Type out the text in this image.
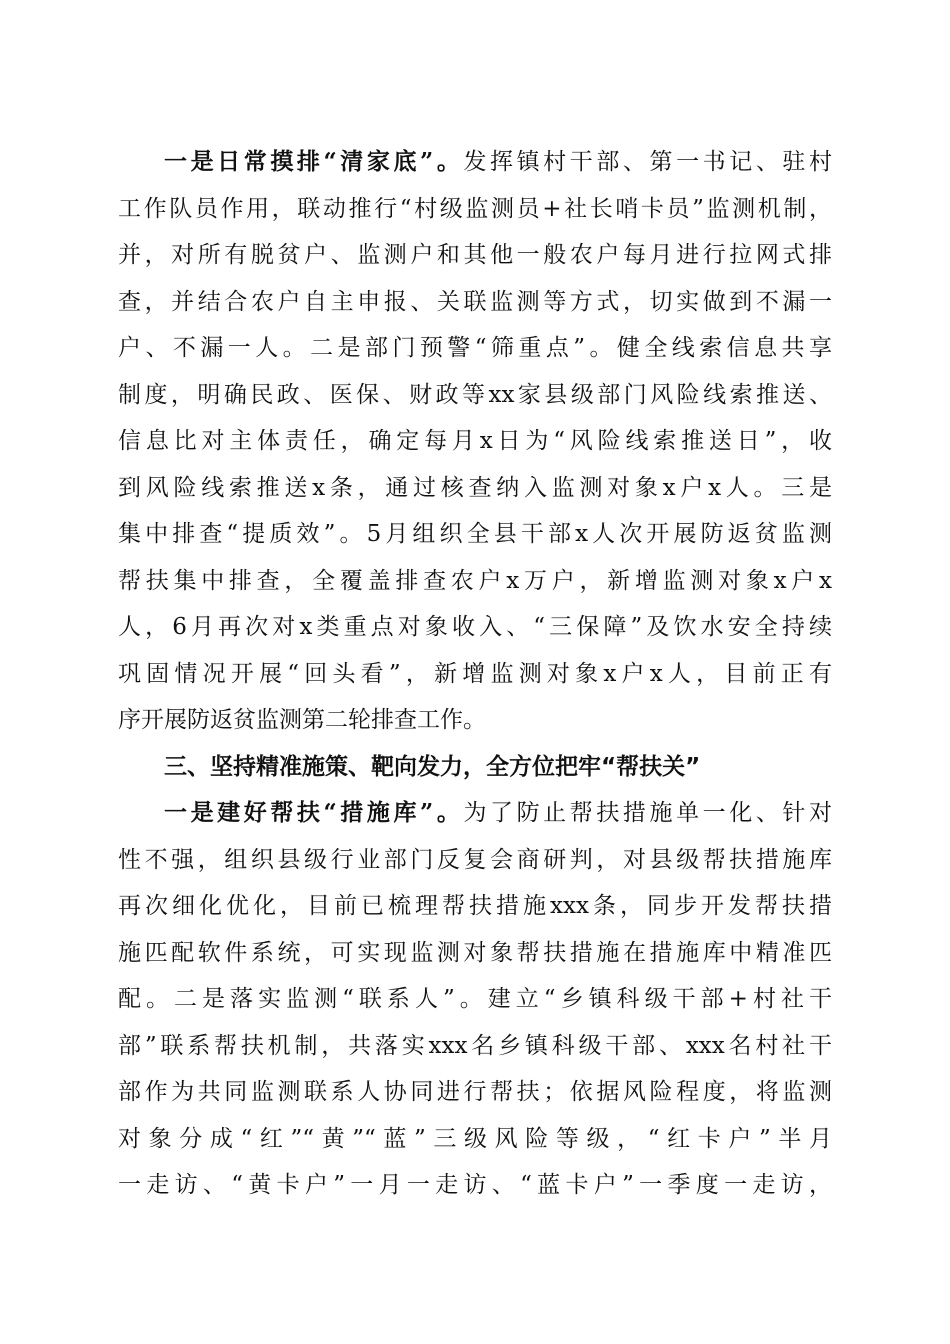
一是日常摸排“清家底”。发挥镇村干部、第一书记、驻村
工作队员作用，联动推行“村级监测员+社长哨卡员”监测机制，
并，对所有脱贫户、监测户和其他一般农户每月进行拉网式排
查，并结合农户自主申报、关联监测等方式，切实做到不漏一
户、不漏一人。二是部门预警“筛重点”。健全线索信息共享
制度，明确民政、医保、财政等xx家县级部门风险线索推送、
信息比对主体责任，确定每月x日为“风险线索推送日”，收
到风险线索推送x条，通过核查纳入监测对象x户x人。三是
集中排查“提质效”。5月组织全县干部x人次开展防返贫监测
帮扶集中排查，全覆盖排查农户x万户，新增监测对象x户x
人，6月再次对x类重点对象收入、“三保障”及饮水安全持续
巩固情况开展“回头看”，新增监测对象x户x人，目前正有
序开展防返贫监测第二轮排查工作。
三、坚持精准施策、靶向发力，全方位把牢“帮扶关”
一是建好帮扶“措施库”。为了防止帮扶措施单一化、针对
性不强，组织县级行业部门反复会商研判，对县级帮扶措施库
再次细化优化，目前已梳理帮扶措施xxx条，同步开发帮扶措
施匹配软件系统，可实现监测对象帮扶措施在措施库中精准匹
配。二是落实监测“联系人”。建立“乡镇科级干部+村社干
部”联系帮扶机制，共落实xxx名乡镇科级干部、xxx名村社干
部作为共同监测联系人协同进行帮扶；依据风险程度，将监测
对象分成“红”“黄”“蓝”三级风险等级，“红卡户”半月
一走访、“黄卡户”一月一走访、“蓝卡户”一季度一走访，
